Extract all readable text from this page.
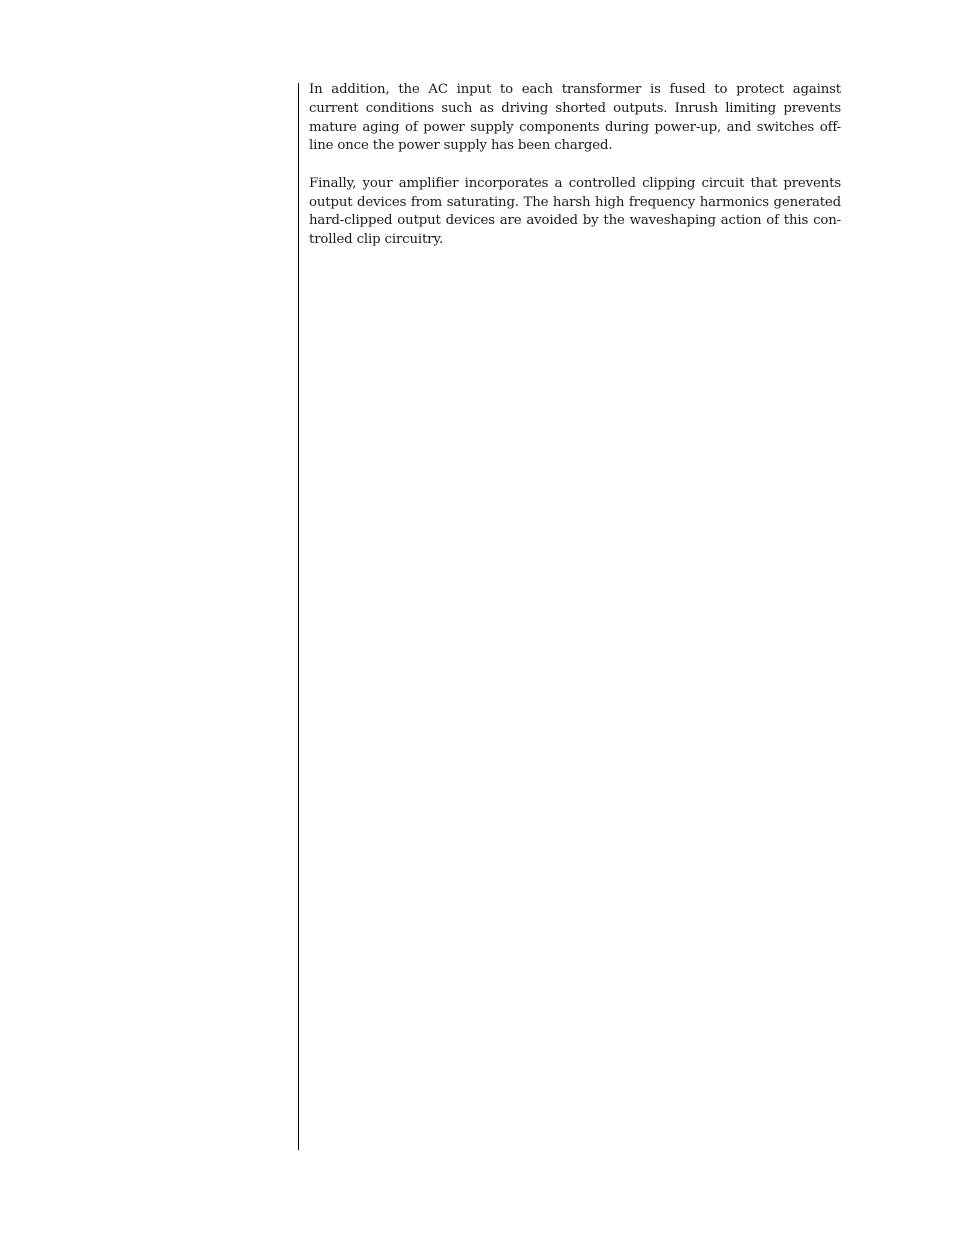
In addition, the AC input to each transformer is fused to protect against
current conditions such as driving shorted outputs. Inrush limiting prevents
mature aging of power supply components during power-up, and switches off-
line once the power supply has been charged.
Finally, your amplifier incorporates a controlled clipping circuit that prevents
output devices from saturating. The harsh high frequency harmonics generated
hard-clipped output devices are avoided by the waveshaping action of this con-
trolled clip circuitry.
